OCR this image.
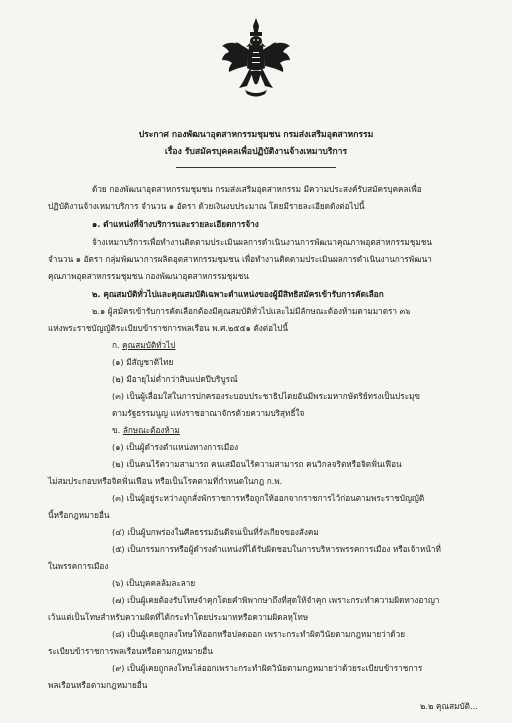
ประกาศ กองพัฒนาอุตสาหกรรมชุมชน กรมส่งเสริมอุตสาหกรรม
เรื่อง รับสมัครบุคคลเพื่อปฏิบัติงานจ้างเหมาบริการ
ด้วย กองพัฒนาอุตสาหกรรมชุมชน กรมส่งเสริมอุตสาหกรรม มีความประสงค์รับสมัครบุคคลเพื่อ
ปฏิบัติงานจ้างเหมาบริการ จำนวน ๑ อัตรา ด้วยเงินงบประมาณ โดยมีรายละเอียดดังต่อไปนี้
๑. ตำแหน่งที่จ้างบริการและรายละเอียดการจ้าง
จ้างเหมาบริการเพื่อทำงานติดตามประเมินผลการดำเนินงานการพัฒนาคุณภาพอุตสาหกรรมชุมชน
จำนวน ๑ อัตรา กลุ่มพัฒนาการผลิตอุตสาหกรรมชุมชน เพื่อทำงานติดตามประเมินผลการดำเนินงานการพัฒนา
คุณภาพอุตสาหกรรมชุมชน กองพัฒนาอุตสาหกรรมชุมชน
๒. คุณสมบัติทั่วไปและคุณสมบัติเฉพาะตำแหน่งของผู้มีสิทธิสมัครเข้ารับการคัดเลือก
๒.๑ ผู้สมัครเข้ารับการคัดเลือกต้องมีคุณสมบัติทั่วไปและไม่มีลักษณะต้องห้ามตามมาตรา ๓๖
แห่งพระราชบัญญัติระเบียบข้าราชการพลเรือน พ.ศ.๒๕๕๑ ดังต่อไปนี้
ก. คุณสมบัติทั่วไป
(๑) มีสัญชาติไทย
(๒) มีอายุไม่ต่ำกว่าสิบแปดปีบริบูรณ์
(๓) เป็นผู้เลื่อมใสในการปกครองระบอบประชาธิปไตยอันมีพระมหากษัตริย์ทรงเป็นประมุข
ตามรัฐธรรมนูญ แห่งราชอาณาจักรด้วยความบริสุทธิ์ใจ
ข. ลักษณะต้องห้าม
(๑) เป็นผู้ดำรงตำแหน่งทางการเมือง
(๒) เป็นคนไร้ความสามารถ คนเสมือนไร้ความสามารถ คนวิกลจริตหรือจิตฟั่นเฟือน
ไม่สมประกอบหรือจิตฟั่นเฟือน หรือเป็นโรคตามที่กำหนดในกฎ ก.พ.
(๓) เป็นผู้อยู่ระหว่างถูกสั่งพักราชการหรือถูกให้ออกจากราชการไว้ก่อนตามพระราชบัญญัติ
นี้หรือกฎหมายอื่น
(๔) เป็นผู้บกพร่องในศีลธรรมอันดีจนเป็นที่รังเกียจของสังคม
(๕) เป็นกรรมการหรือผู้ดำรงตำแหน่งที่ได้รับผิดชอบในการบริหารพรรคการเมือง หรือเจ้าหน้าที่
ในพรรคการเมือง
(๖) เป็นบุคคลล้มละลาย
(๗) เป็นผู้เคยต้องรับโทษจำคุกโดยคำพิพากษาถึงที่สุดให้จำคุก เพราะกระทำความผิดทางอาญา
เว้นแต่เป็นโทษสำหรับความผิดที่ได้กระทำโดยประมาทหรือความผิดลหุโทษ
(๘) เป็นผู้เคยถูกลงโทษให้ออกหรือปลดออก เพราะกระทำผิดวินัยตามกฎหมายว่าด้วย
ระเบียบข้าราชการพลเรือนหรือตามกฎหมายอื่น
(๙) เป็นผู้เคยถูกลงโทษไล่ออกเพราะกระทำผิดวินัยตามกฎหมายว่าด้วยระเบียบข้าราชการ
พลเรือนหรือตามกฎหมายอื่น
๒.๒ คุณสมบัติ...
